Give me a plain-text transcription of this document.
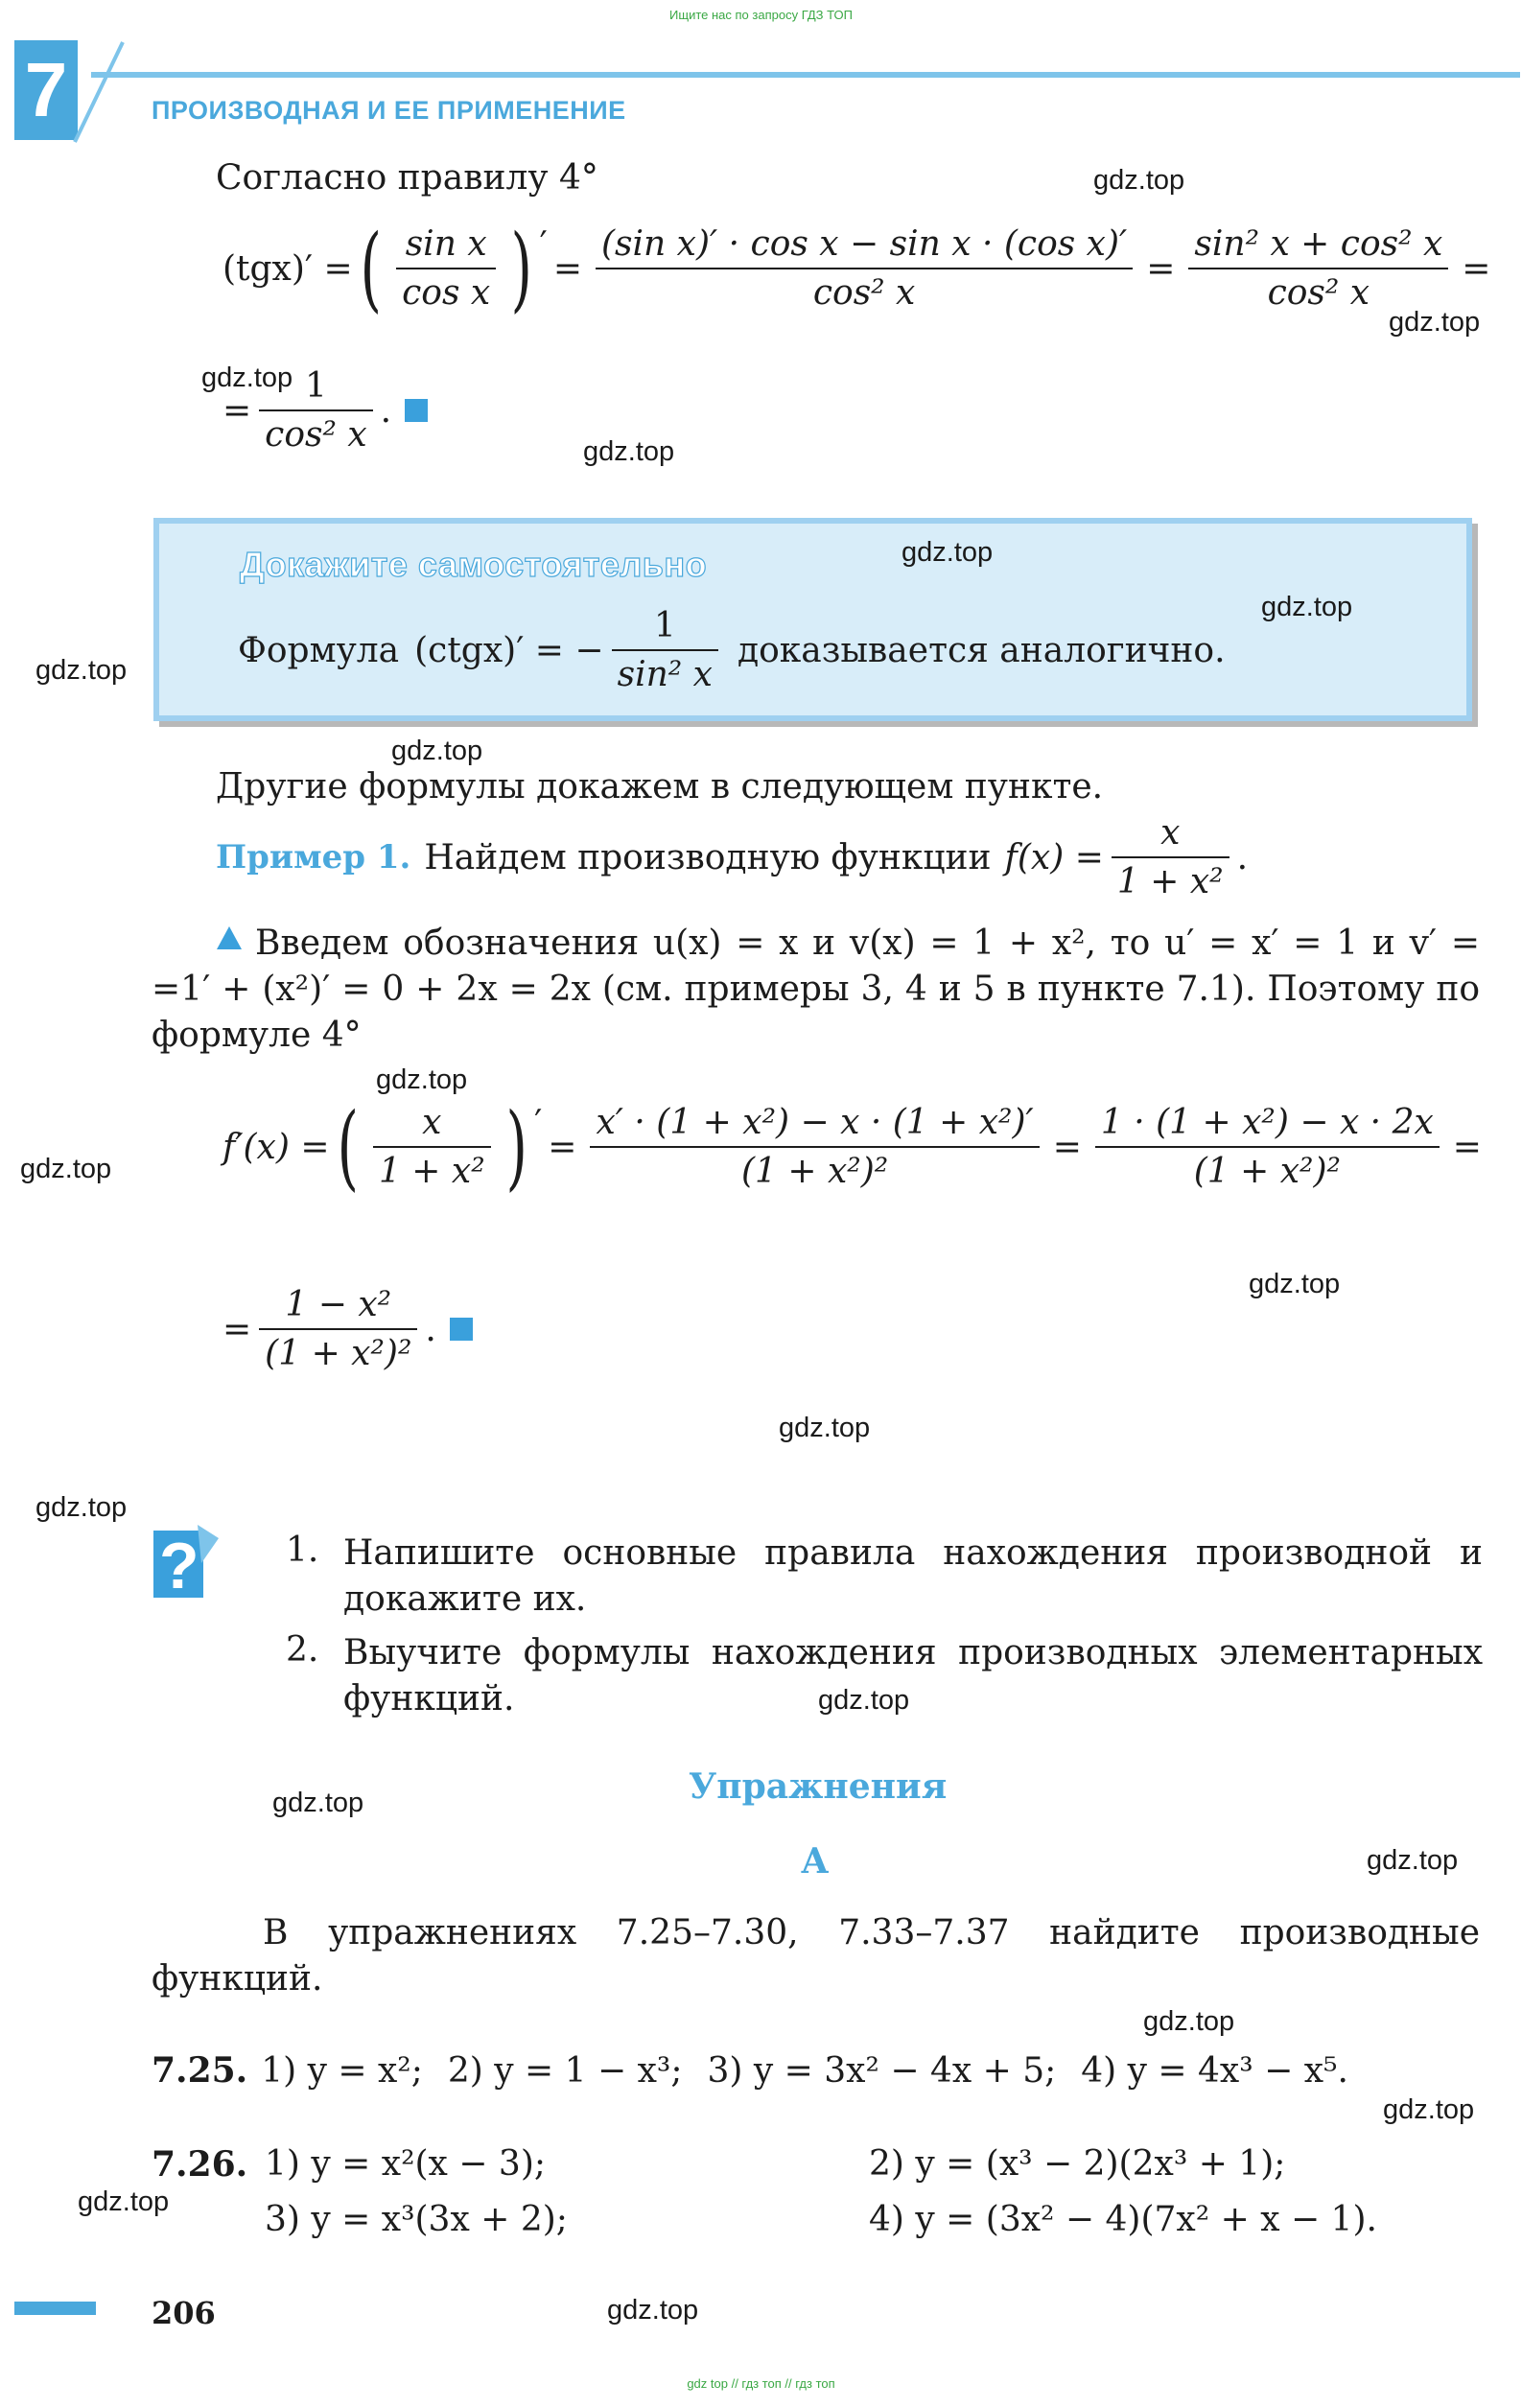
Ищите нас по запросу ГДЗ ТОП
7	ПРОИЗВОДНАЯ И ЕЕ ПРИМЕНЕНИЕ
Согласно правилу 4°
(tgx)′ = ( $\frac{\text{sin x}}{\text{cos x}}$ ) ′
= $\frac{\text{(sin x)′ · cos x − sin x · (cos x)′}}{\text{cos² x}} = \frac{\text{sin² x + cos² x}}{\text{cos² x}}$ =
= $\frac{1}{\text{cos² x}}$ .
Докажите самостоятельно
Формула (ctgx)′ = − $\frac{1}{\text{sin² x}}$ доказывается аналогично.
Другие формулы докажем в следующем пункте.
Пример 1. Найдем производную функции $f(x) = \frac{x}{\text{1 + x²}}$ .
Введем обозначения u(x) = x и v(x) = 1 + x², то u′ = x′ = 1 и v′ = =1′ + (x²)′ = 0 + 2x = 2x (см. примеры 3, 4 и 5 в пункте 7.1). Поэтому по формуле 4°
f′(x) = ( $\frac{x}{\text{1 + x²}}$ ) ′
= $\frac{\text{x′ · (1 + x²) − x · (1 + x²)′}}{\text{(1 + x²)²}} = \frac{\text{1 · (1 + x²) − x · 2x}}{\text{(1 + x²)²}}$ =
= $\frac{\text{1 − x²}}{\text{(1 + x²)²}}$ .
?	1. Напишите основные правила нахождения производной и докажите их.
2. Выучите формулы нахождения производных элементарных функций.
Упражнения
А
В упражнениях 7.25–7.30, 7.33–7.37 найдите производные функций.
7.25. 1) y = x²; 2) y = 1 − x³; 3) y = 3x² − 4x + 5; 4) y = 4x³ − x⁵.
7.26. 1) y = x²(x − 3);	2) y = (x³ − 2)(2x³ + 1);
3) y = x³(3x + 2);	4) y = (3x² − 4)(7x² + x − 1).
206
gdz top // гдз топ // гдз топ
gdz.top
gdz.top
gdz.top
gdz.top
gdz.top
gdz.top
gdz.top
gdz.top
gdz.top
gdz.top
gdz.top
gdz.top
gdz.top
gdz.top
gdz.top
gdz.top
gdz.top
gdz.top
gdz.top
gdz.top
